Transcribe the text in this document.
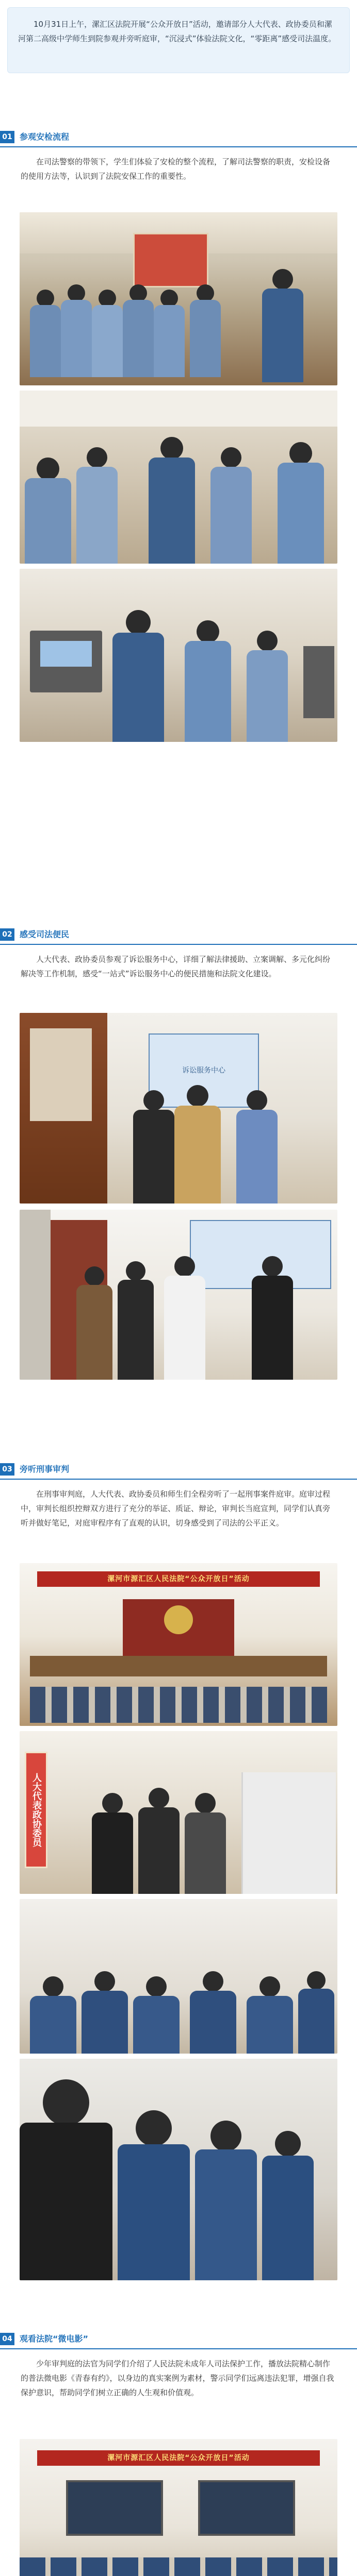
10月31日上午，漯汇区法院开展“公众开放日”活动，邀请部分人大代表、政协委员和漯河第二高级中学师生到院参观并旁听庭审，“沉浸式”体验法院文化，“零距离”感受司法温度。
01 参观安检流程
在司法警察的带领下，学生们体验了安检的整个流程，了解司法警察的职责，安检设备的使用方法等，认识到了法院安保工作的重要性。
02 感受司法便民
人大代表、政协委员参观了诉讼服务中心，详细了解法律援助、立案调解、多元化纠纷解决等工作机制，感受“一站式”诉讼服务中心的便民措施和法院文化建设。
诉讼服务中心
03 旁听刑事审判
在刑事审判庭，人大代表、政协委员和师生们全程旁听了一起刑事案件庭审。庭审过程中，审判长组织控辩双方进行了充分的举证、质证、辩论，审判长当庭宣判，同学们认真旁听并做好笔记，对庭审程序有了直观的认识，切身感受到了司法的公平正义。
漯河市源汇区人民法院“公众开放日”活动
人大代表政协委员
04 观看法院“微电影”
少年审判庭的法官为同学们介绍了人民法院未成年人司法保护工作，播放法院精心制作的普法微电影《青春有约》，以身边的真实案例为素材，警示同学们远离违法犯罪，增强自我保护意识，帮助同学们树立正确的人生观和价值观。
漯河市源汇区人民法院“公众开放日”活动
